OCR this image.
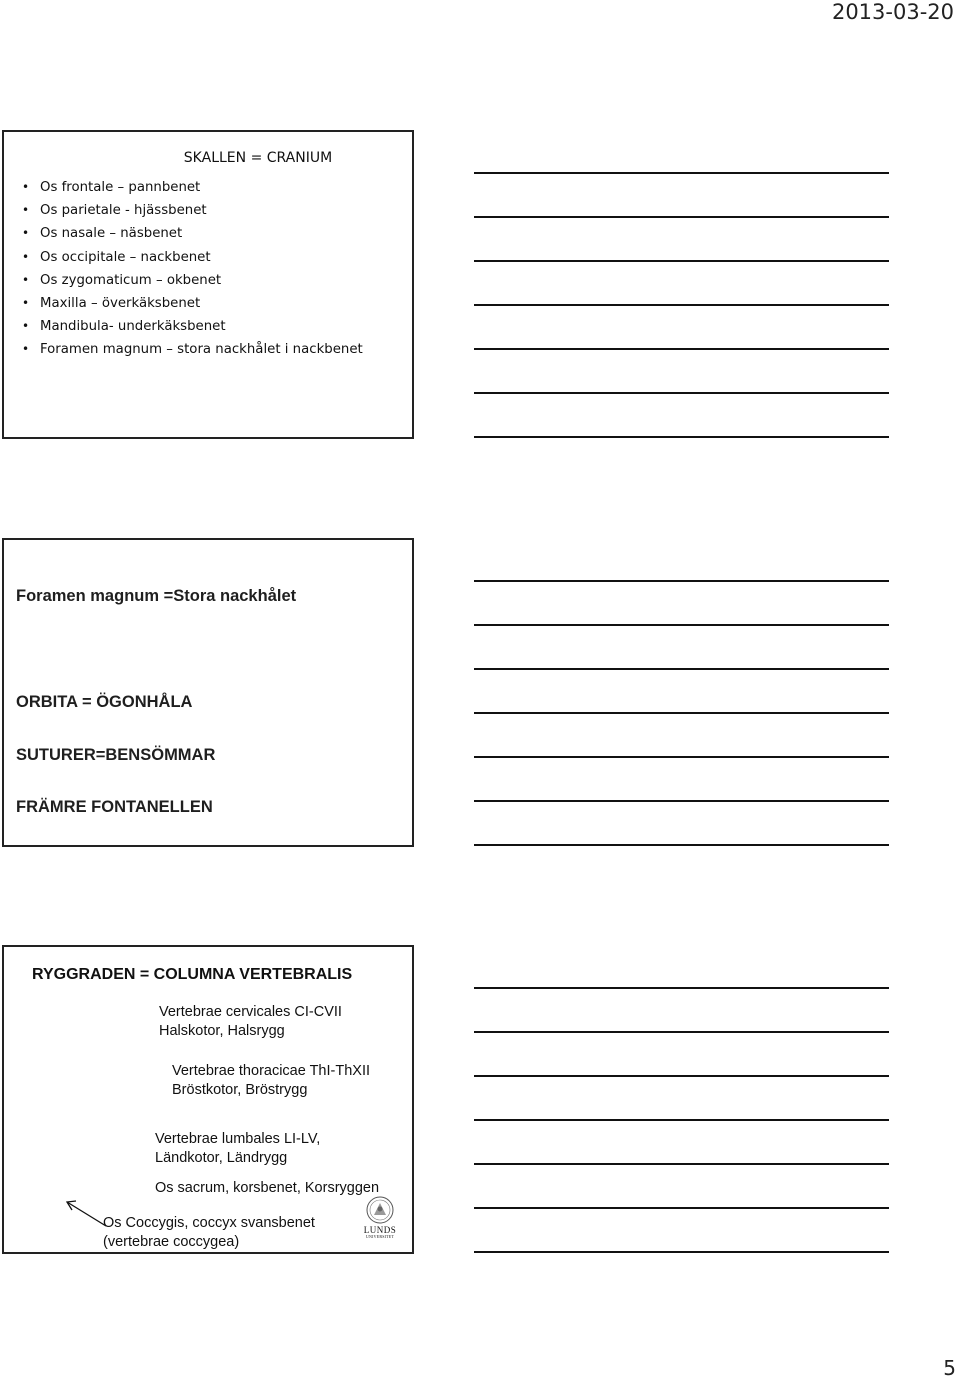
2013-03-20
SKALLEN = CRANIUM
• Os frontale – pannbenet
• Os parietale - hjässbenet
• Os nasale – näsbenet
• Os occipitale – nackbenet
• Os zygomaticum – okbenet
• Maxilla – överkäksbenet
• Mandibula- underkäksbenet
• Foramen magnum – stora nackhålet i nackbenet
Foramen magnum =Stora nackhålet
ORBITA = ÖGONHÅLA
SUTURER=BENSÖMMAR
FRÄMRE FONTANELLEN
RYGGRADEN = COLUMNA VERTEBRALIS
Vertebrae cervicales CI-CVII
Halskotor, Halsrygg
Vertebrae thoracicae ThI-ThXII
Bröstkotor, Bröstrygg
Vertebrae lumbales LI-LV,
Ländkotor, Ländrygg
Os sacrum, korsbenet, Korsryggen
Os Coccygis, coccyx svansbenet
(vertebrae coccygea)
LUNDS
UNIVERSITET
5
